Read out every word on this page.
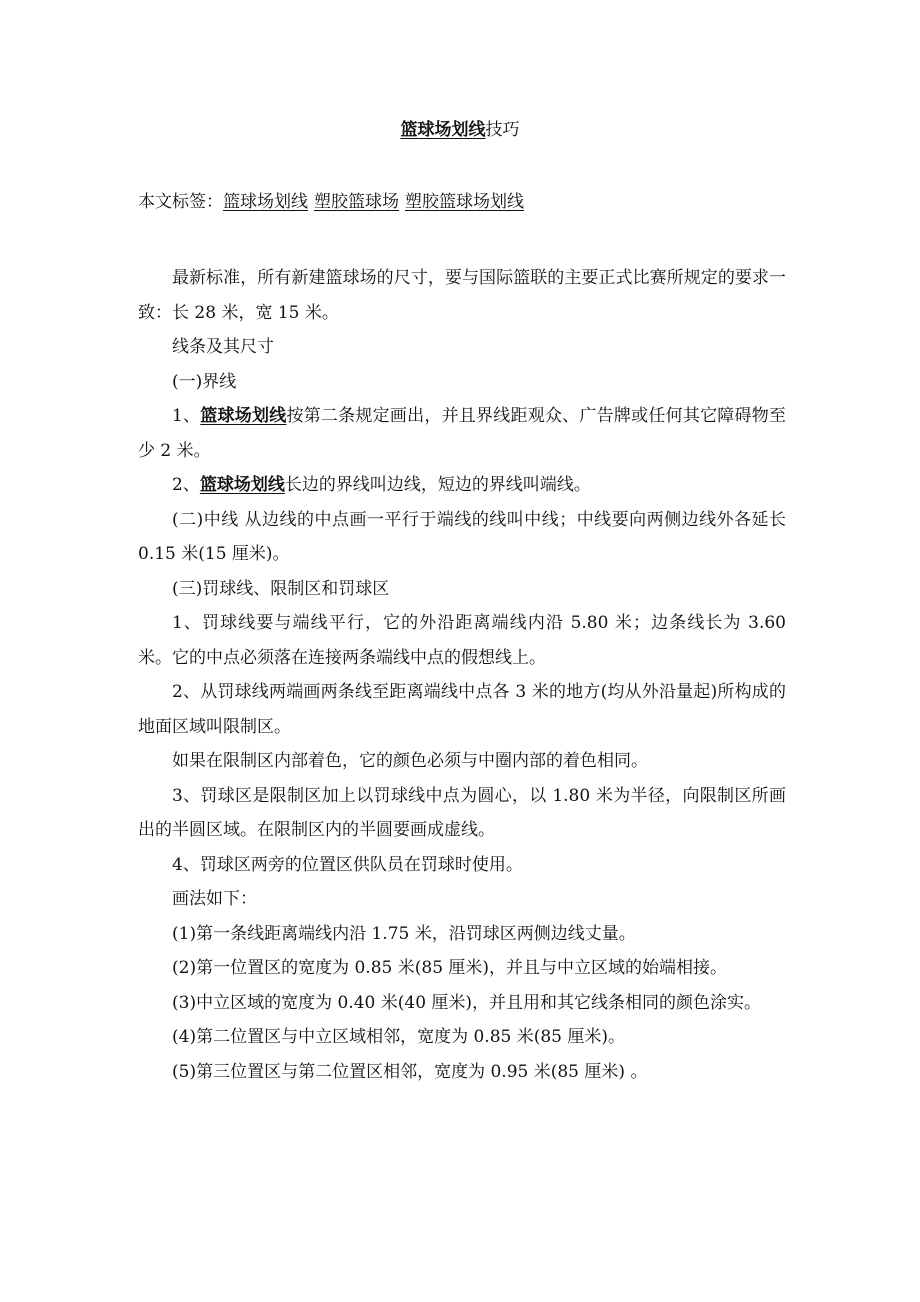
篮球场划线技巧
本文标签：篮球场划线 塑胶篮球场 塑胶篮球场划线

最新标准，所有新建篮球场的尺寸，要与国际篮联的主要正式比赛所规定的要求一致：长 28 米，宽 15 米。

线条及其尺寸

(一)界线

1、篮球场划线按第二条规定画出，并且界线距观众、广告牌或任何其它障碍物至少 2 米。

2、篮球场划线长边的界线叫边线，短边的界线叫端线。

(二)中线 从边线的中点画一平行于端线的线叫中线；中线要向两侧边线外各延长 0.15 米(15 厘米)。

(三)罚球线、限制区和罚球区

1、罚球线要与端线平行，它的外沿距离端线内沿 5.80 米；边条线长为 3.60 米。它的中点必须落在连接两条端线中点的假想线上。

2、从罚球线两端画两条线至距离端线中点各 3 米的地方(均从外沿量起)所构成的地面区域叫限制区。

如果在限制区内部着色，它的颜色必须与中圈内部的着色相同。

3、罚球区是限制区加上以罚球线中点为圆心，以 1.80 米为半径，向限制区所画出的半圆区域。在限制区内的半圆要画成虚线。

4、罚球区两旁的位置区供队员在罚球时使用。

画法如下：

(1)第一条线距离端线内沿 1.75 米，沿罚球区两侧边线丈量。

(2)第一位置区的宽度为 0.85 米(85 厘米)，并且与中立区域的始端相接。

(3)中立区域的宽度为 0.40 米(40 厘米)，并且用和其它线条相同的颜色涂实。

(4)第二位置区与中立区域相邻，宽度为 0.85 米(85 厘米)。

(5)第三位置区与第二位置区相邻，宽度为 0.95 米(85 厘米) 。
